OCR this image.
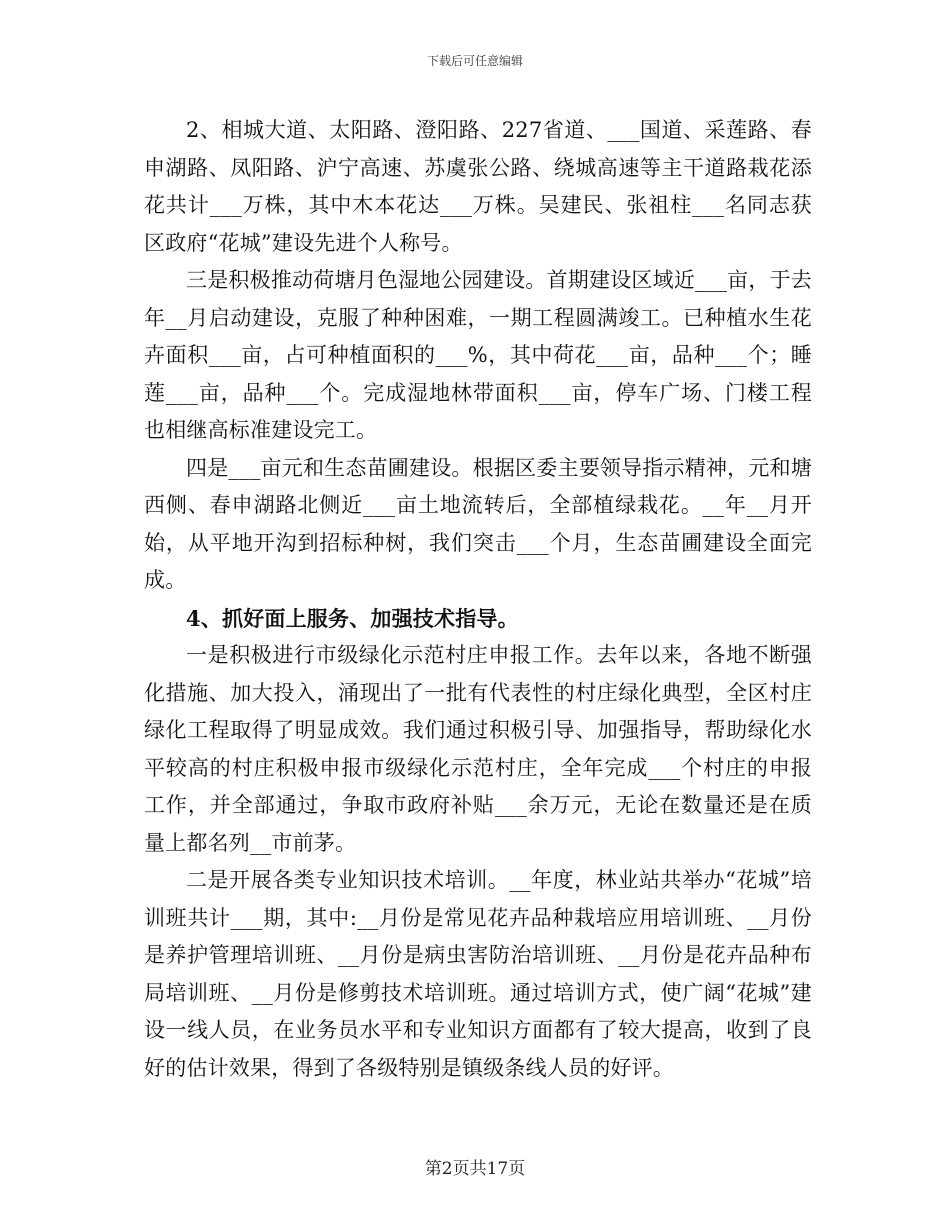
下载后可任意编辑

2、相城大道、太阳路、澄阳路、227省道、___国道、采莲路、春申湖路、凤阳路、沪宁高速、苏虞张公路、绕城高速等主干道路栽花添花共计___万株，其中木本花达___万株。吴建民、张祖柱___名同志获区政府“花城”建设先进个人称号。

三是积极推动荷塘月色湿地公园建设。首期建设区域近___亩，于去年__月启动建设，克服了种种困难，一期工程圆满竣工。已种植水生花卉面积___亩，占可种植面积的___%，其中荷花___亩，品种___个；睡莲___亩，品种___个。完成湿地林带面积___亩，停车广场、门楼工程也相继高标准建设完工。

四是___亩元和生态苗圃建设。根据区委主要领导指示精神，元和塘西侧、春申湖路北侧近___亩土地流转后，全部植绿栽花。__年__月开始，从平地开沟到招标种树，我们突击___个月，生态苗圃建设全面完成。

4、抓好面上服务、加强技术指导。

一是积极进行市级绿化示范村庄申报工作。去年以来，各地不断强化措施、加大投入，涌现出了一批有代表性的村庄绿化典型，全区村庄绿化工程取得了明显成效。我们通过积极引导、加强指导，帮助绿化水平较高的村庄积极申报市级绿化示范村庄，全年完成___个村庄的申报工作，并全部通过，争取市政府补贴___余万元，无论在数量还是在质量上都名列__市前茅。

二是开展各类专业知识技术培训。__年度，林业站共举办“花城”培训班共计___期，其中:__月份是常见花卉品种栽培应用培训班、__月份是养护管理培训班、__月份是病虫害防治培训班、__月份是花卉品种布局培训班、__月份是修剪技术培训班。通过培训方式，使广阔“花城”建设一线人员，在业务员水平和专业知识方面都有了较大提高，收到了良好的估计效果，得到了各级特别是镇级条线人员的好评。

第2页共17页
